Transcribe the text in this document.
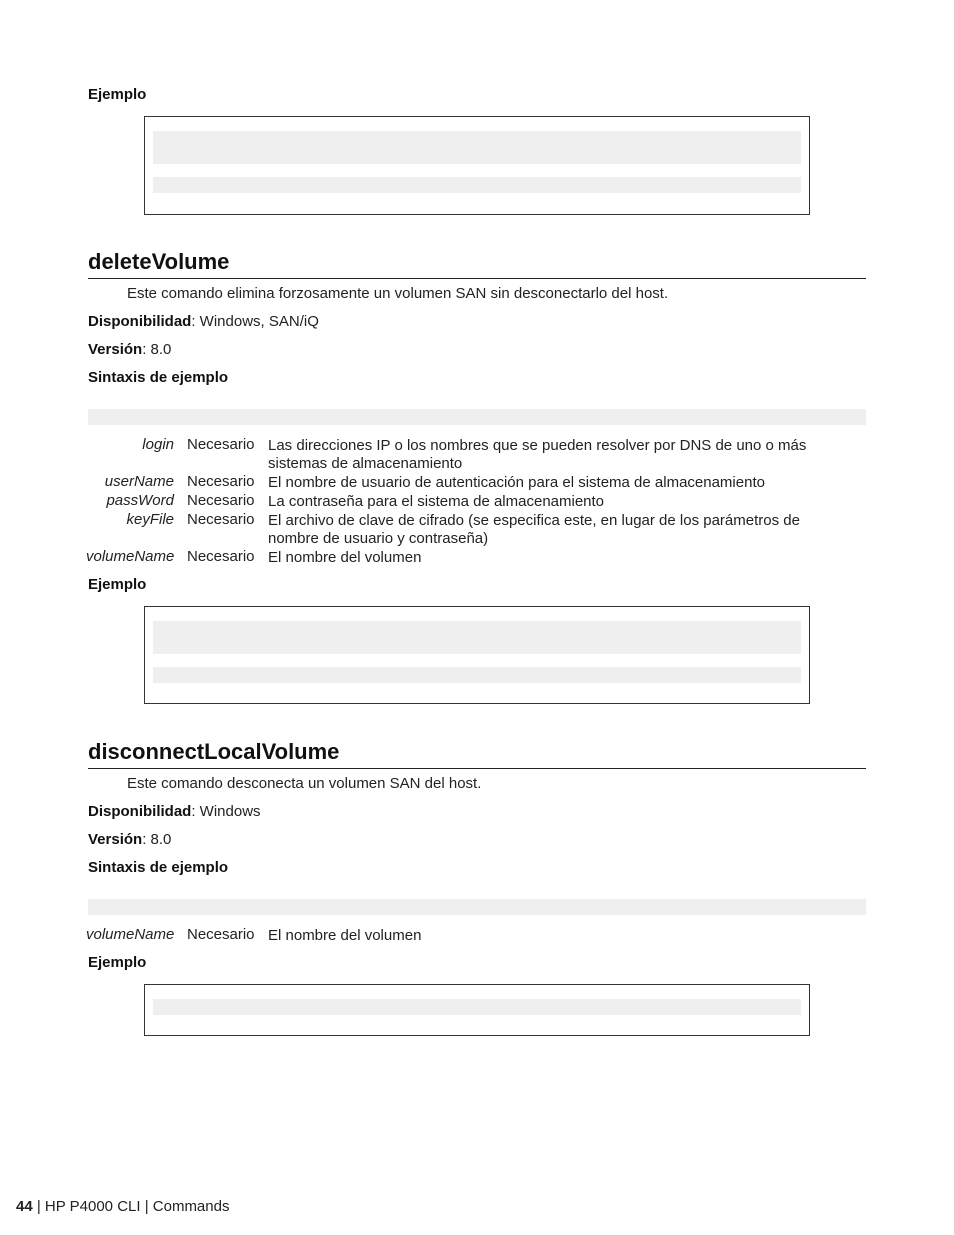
Ejemplo
deleteVolume
Este comando elimina forzosamente un volumen SAN sin desconectarlo del host.
Disponibilidad: Windows, SAN/iQ
Versión: 8.0
Sintaxis de ejemplo
login Necesario Las direcciones IP o los nombres que se pueden resolver por DNS de uno o más sistemas de almacenamiento
userName Necesario El nombre de usuario de autenticación para el sistema de almacenamiento
passWord Necesario La contraseña para el sistema de almacenamiento
keyFile Necesario El archivo de clave de cifrado (se especifica este, en lugar de los parámetros de nombre de usuario y contraseña)
volumeName Necesario El nombre del volumen
Ejemplo
disconnectLocalVolume
Este comando desconecta un volumen SAN del host.
Disponibilidad: Windows
Versión: 8.0
Sintaxis de ejemplo
volumeName Necesario El nombre del volumen
Ejemplo
44 | HP P4000 CLI | Commands
